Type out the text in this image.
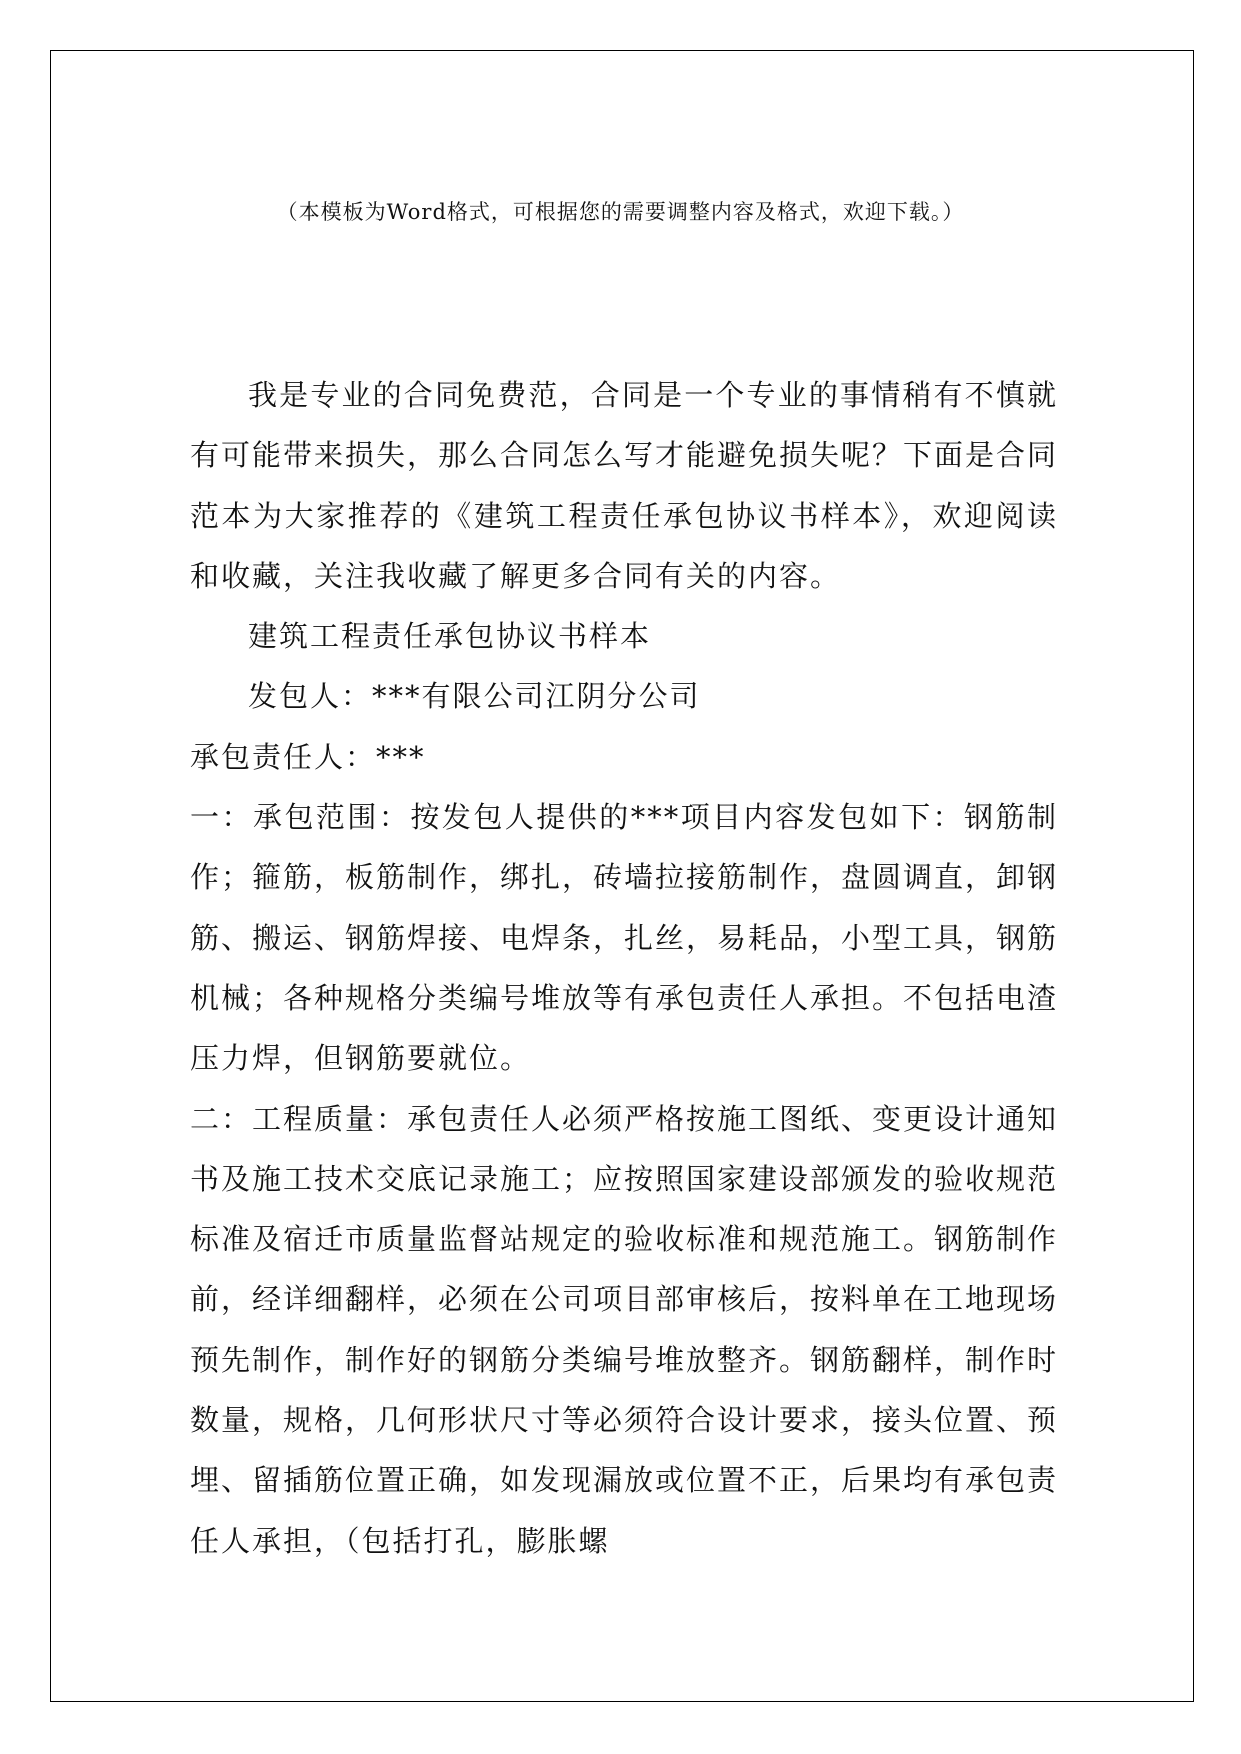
（本模板为Word格式，可根据您的需要调整内容及格式，欢迎下载。）

我是专业的合同免费范，合同是一个专业的事情稍有不慎就有可能带来损失，那么合同怎么写才能避免损失呢？下面是合同范本为大家推荐的《建筑工程责任承包协议书样本》，欢迎阅读和收藏，关注我收藏了解更多合同有关的内容。

建筑工程责任承包协议书样本

发包人：***有限公司江阴分公司

承包责任人：***

一：承包范围：按发包人提供的***项目内容发包如下：钢筋制作；箍筋，板筋制作，绑扎，砖墙拉接筋制作，盘圆调直，卸钢筋、搬运、钢筋焊接、电焊条，扎丝，易耗品，小型工具，钢筋机械；各种规格分类编号堆放等有承包责任人承担。不包括电渣压力焊，但钢筋要就位。

二：工程质量：承包责任人必须严格按施工图纸、变更设计通知书及施工技术交底记录施工；应按照国家建设部颁发的验收规范标准及宿迁市质量监督站规定的验收标准和规范施工。钢筋制作前，经详细翻样，必须在公司项目部审核后，按料单在工地现场预先制作，制作好的钢筋分类编号堆放整齐。钢筋翻样，制作时数量，规格，几何形状尺寸等必须符合设计要求，接头位置、预埋、留插筋位置正确，如发现漏放或位置不正，后果均有承包责任人承担，（包括打孔，膨胀螺
